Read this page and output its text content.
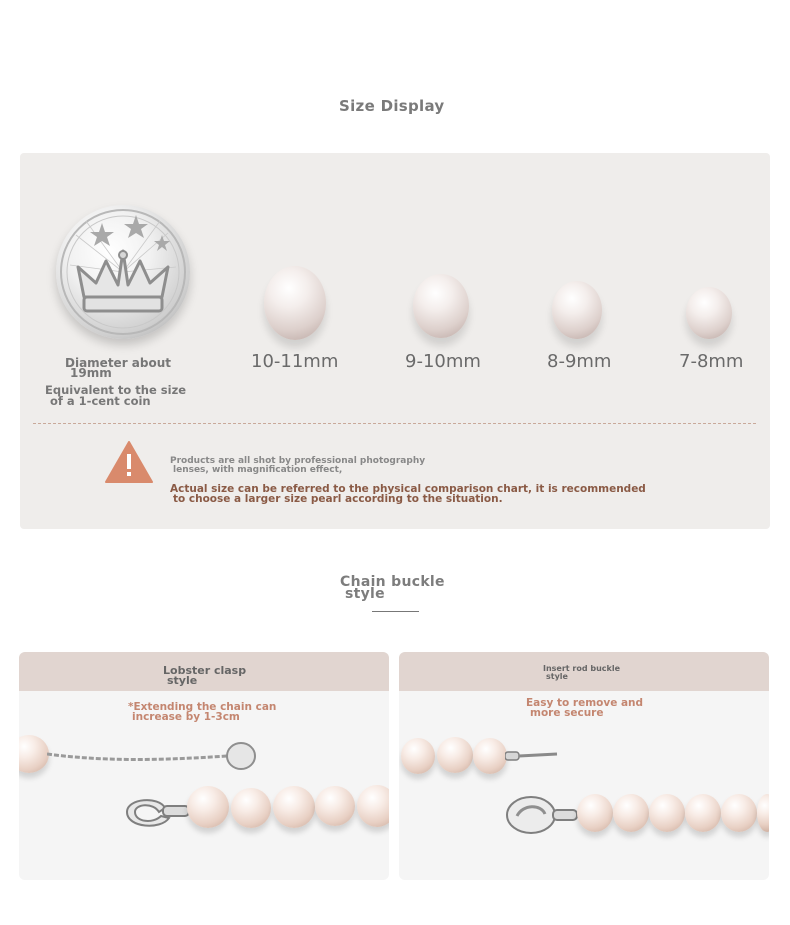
Size Display
Diameter about
19mm
Equivalent to the size
of a 1-cent coin
10-11mm	9-10mm	8-9mm	7-8mm
Products are all shot by professional photography
lenses, with magnification effect,
Actual size can be referred to the physical comparison chart, it is recommended
to choose a larger size pearl according to the situation.
Chain buckle
style
Lobster clasp
style
*Extending the chain can
increase by 1-3cm
Insert rod buckle
style
Easy to remove and
more secure
